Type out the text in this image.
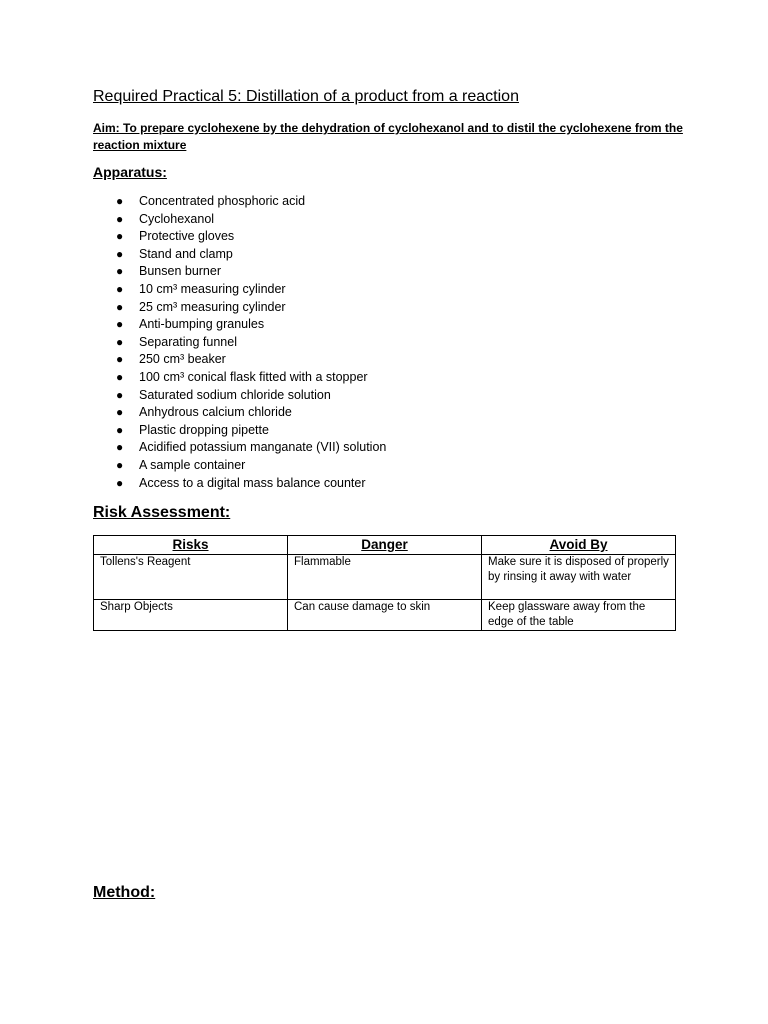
Required Practical 5: Distillation of a product from a reaction
Aim: To prepare cyclohexene by the dehydration of cyclohexanol and to distil the cyclohexene from the reaction mixture
Apparatus:
● Concentrated phosphoric acid
● Cyclohexanol
● Protective gloves
● Stand and clamp
● Bunsen burner
● 10 cm³ measuring cylinder
● 25 cm³ measuring cylinder
● Anti-bumping granules
● Separating funnel
● 250 cm³ beaker
● 100 cm³ conical flask fitted with a stopper
● Saturated sodium chloride solution
● Anhydrous calcium chloride
● Plastic dropping pipette
● Acidified potassium manganate (VII) solution
● A sample container
● Access to a digital mass balance counter
Risk Assessment:
Risks	Danger	Avoid By
Tollens's Reagent	Flammable	Make sure it is disposed of properly by rinsing it away with water
Sharp Objects	Can cause damage to skin	Keep glassware away from the edge of the table
Method:
